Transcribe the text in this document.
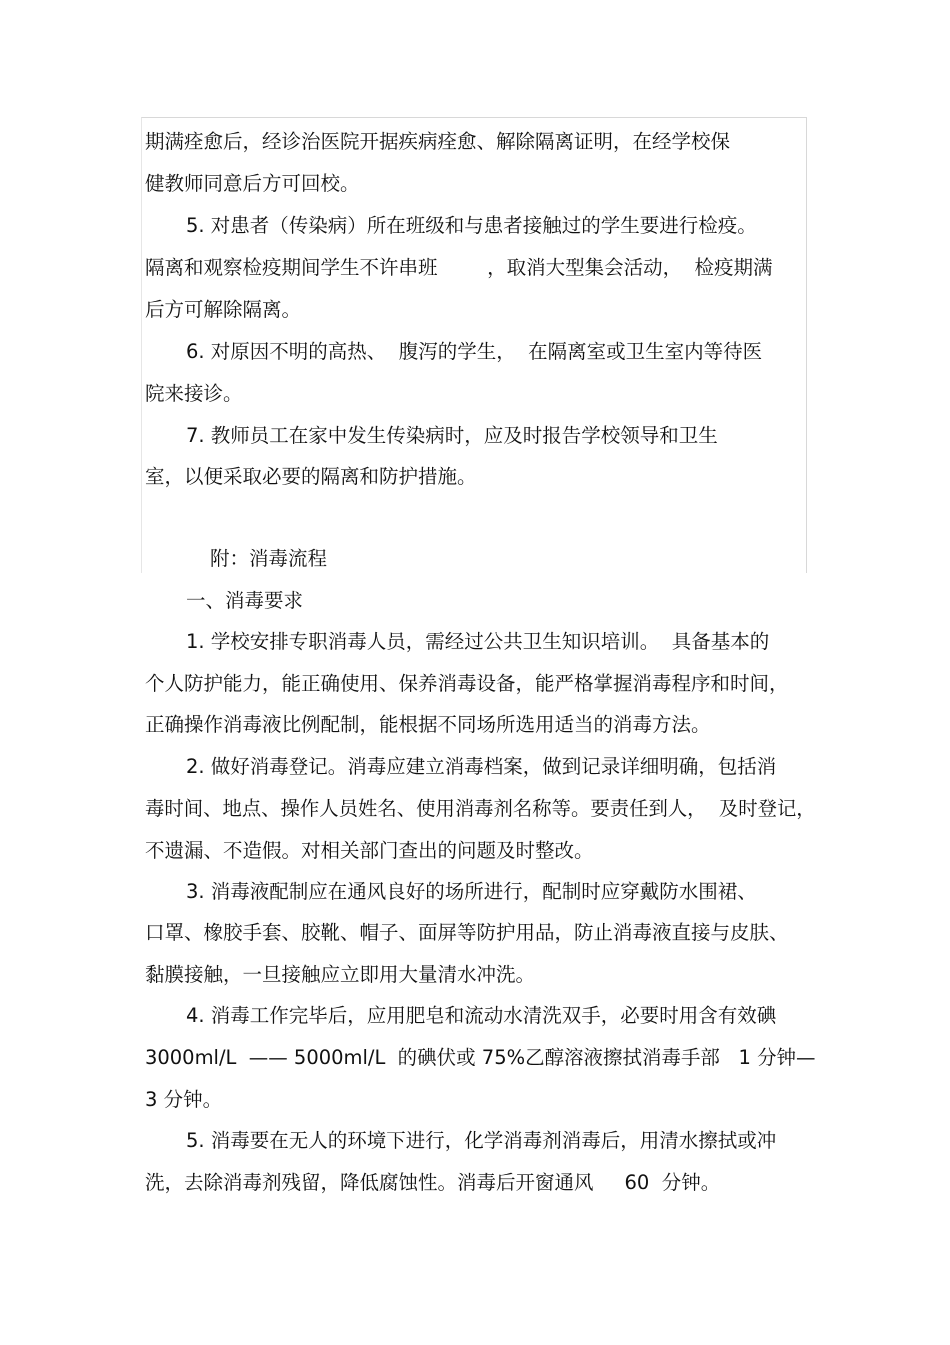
期满痊愈后，经诊治医院开据疾病痊愈、解除隔离证明，在经学校保
健教师同意后方可回校。
5. 对患者（传染病）所在班级和与患者接触过的学生要进行检疫。
隔离和观察检疫期间学生不许串班        ，取消大型集会活动，  检疫期满
后方可解除隔离。
6. 对原因不明的高热、  腹泻的学生，  在隔离室或卫生室内等待医
院来接诊。
7. 教师员工在家中发生传染病时，应及时报告学校领导和卫生
室，以便采取必要的隔离和防护措施。
附：消毒流程
一、消毒要求
1. 学校安排专职消毒人员，需经过公共卫生知识培训。  具备基本的
个人防护能力，能正确使用、保养消毒设备，能严格掌握消毒程序和时间，
正确操作消毒液比例配制，能根据不同场所选用适当的消毒方法。
2. 做好消毒登记。消毒应建立消毒档案，做到记录详细明确，包括消
毒时间、地点、操作人员姓名、使用消毒剂名称等。要责任到人，  及时登记，
不遗漏、不造假。对相关部门查出的问题及时整改。
3. 消毒液配制应在通风良好的场所进行，配制时应穿戴防水围裙、
口罩、橡胶手套、胶靴、帽子、面屏等防护用品，防止消毒液直接与皮肤、
黏膜接触，一旦接触应立即用大量清水冲洗。
4. 消毒工作完毕后，应用肥皂和流动水清洗双手，必要时用含有效碘
3000ml/L  —— 5000ml/L  的碘伏或 75%乙醇溶液擦拭消毒手部   1 分钟—
3 分钟。
5. 消毒要在无人的环境下进行，化学消毒剂消毒后，用清水擦拭或冲
洗，去除消毒剂残留，降低腐蚀性。消毒后开窗通风     60  分钟。
